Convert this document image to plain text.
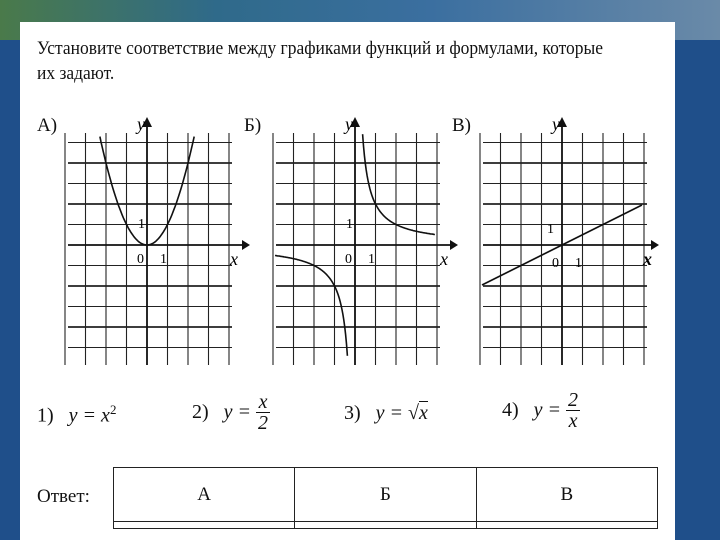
Установите соответствие между графиками функций и формулами, которые их задают.
А)	Б)	В)
y
x
0 1
1
y
x
0 1
1
y
x
0 1
1
1) $y = x^2$	2) $y = \frac{x}{2}$	3) y = √x	4) $y = \frac{2}{x}$
Ответ:	А	Б	В
